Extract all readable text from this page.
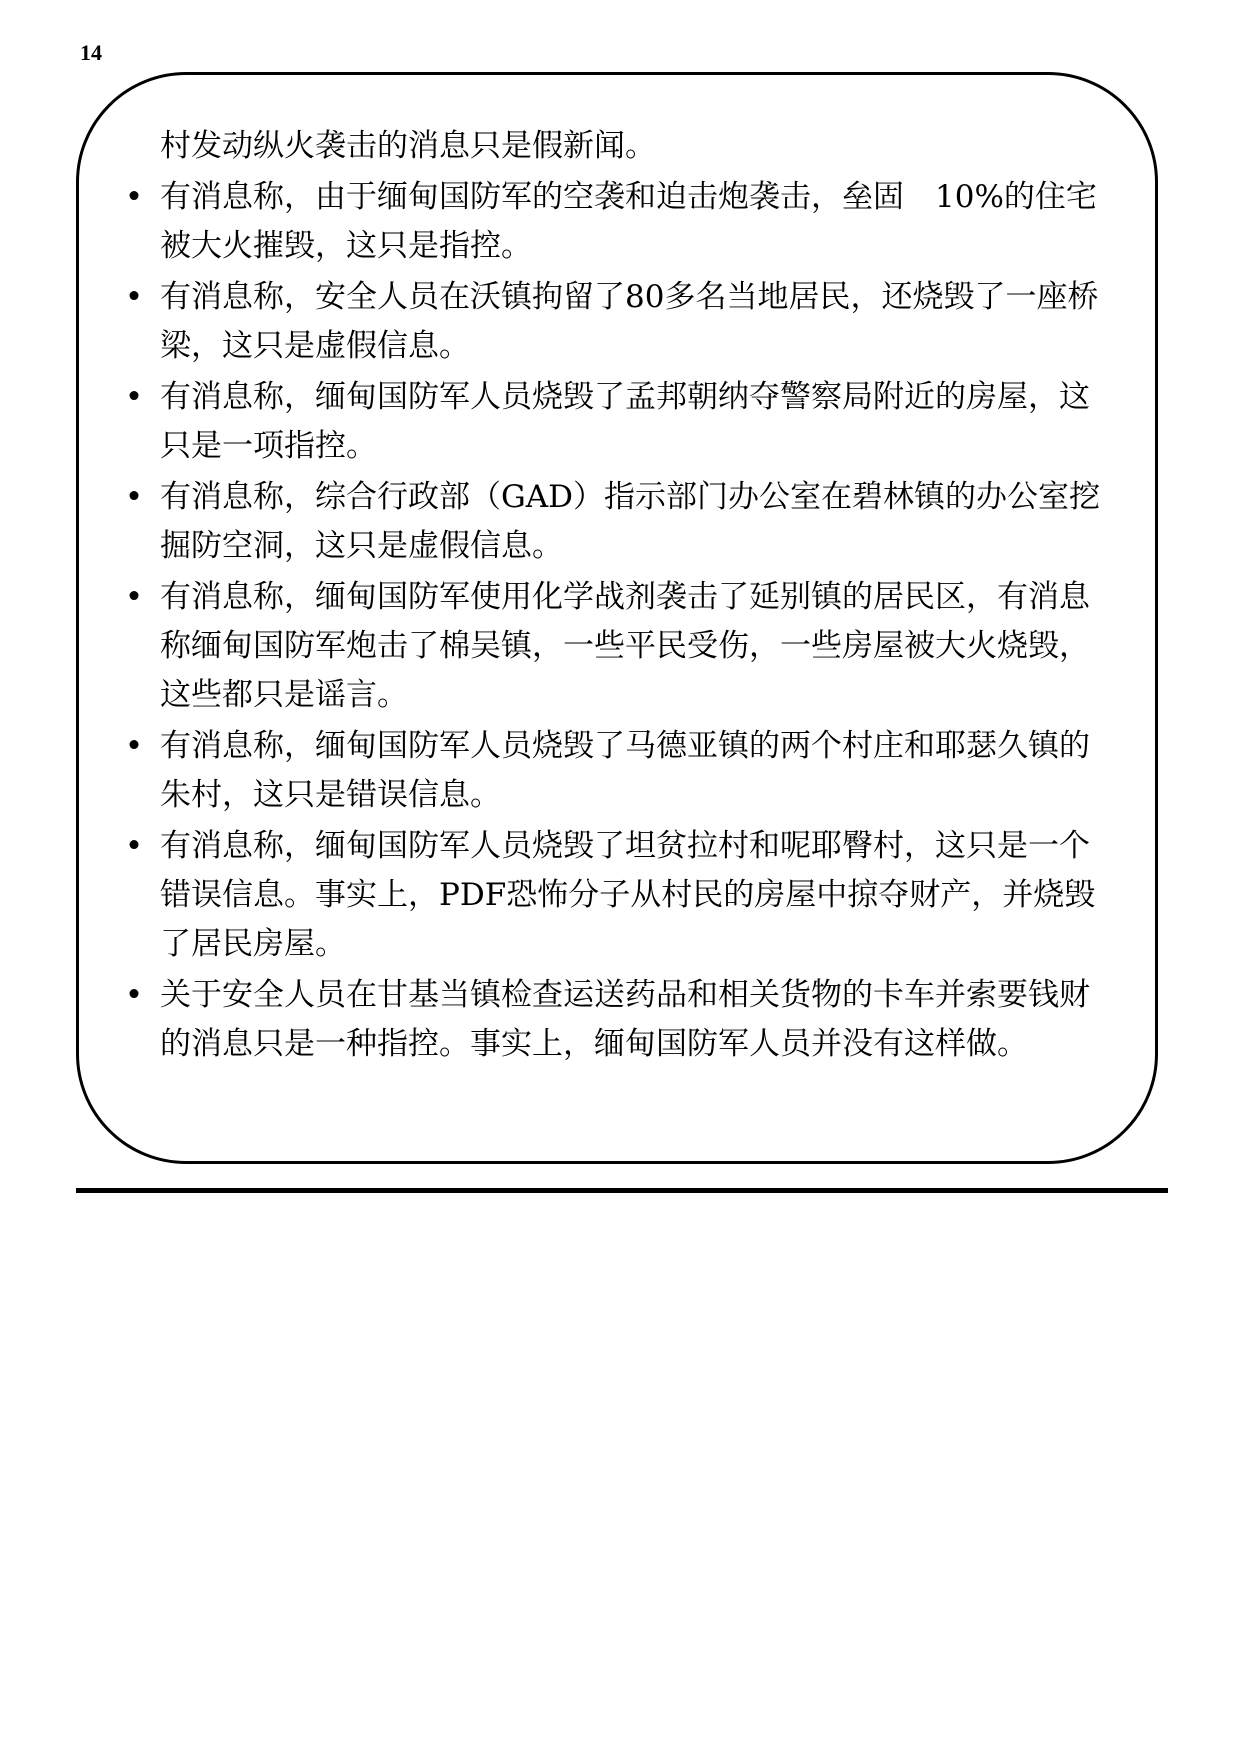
14

村发动纵火袭击的消息只是假新闻。

• 有消息称，由于缅甸国防军的空袭和迫击炮袭击，垒固　10%的住宅被大火摧毁，这只是指控。
• 有消息称，安全人员在沃镇拘留了80多名当地居民，还烧毁了一座桥梁，这只是虚假信息。
• 有消息称，缅甸国防军人员烧毁了孟邦朝纳夺警察局附近的房屋，这只是一项指控。
• 有消息称，综合行政部（GAD）指示部门办公室在碧林镇的办公室挖掘防空洞，这只是虚假信息。
• 有消息称，缅甸国防军使用化学战剂袭击了延别镇的居民区，有消息称缅甸国防军炮击了棉吴镇，一些平民受伤，一些房屋被大火烧毁，这些都只是谣言。
• 有消息称，缅甸国防军人员烧毁了马德亚镇的两个村庄和耶瑟久镇的朱村，这只是错误信息。
• 有消息称，缅甸国防军人员烧毁了坦贫拉村和呢耶臀村，这只是一个错误信息。事实上，PDF恐怖分子从村民的房屋中掠夺财产，并烧毁了居民房屋。
• 关于安全人员在甘基当镇检查运送药品和相关货物的卡车并索要钱财的消息只是一种指控。事实上，缅甸国防军人员并没有这样做。
